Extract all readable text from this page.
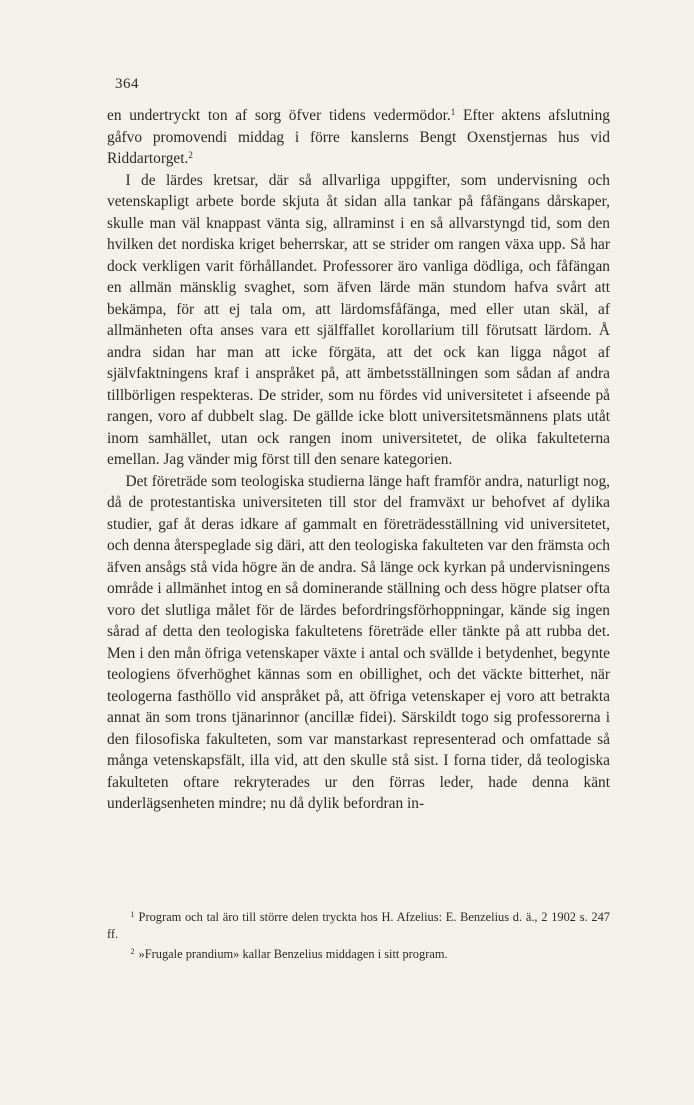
364

en undertryckt ton af sorg öfver tidens vedermödor.$^1$ Efter aktens afslutning gåfvo promovendi middag i förre kanslerns Bengt Oxenstjernas hus vid Riddartorget.$^2$

I de lärdes kretsar, där så allvarliga uppgifter, som undervisning och vetenskapligt arbete borde skjuta åt sidan alla tankar på fåfängans dårskaper, skulle man väl knappast vänta sig, allraminst i en så allvarstyngd tid, som den hvilken det nordiska kriget beherrskar, att se strider om rangen växa upp. Så har dock verkligen varit förhållandet. Professorer äro vanliga dödliga, och fåfängan en allmän mänsklig svaghet, som äfven lärde män stundom hafva svårt att bekämpa, för att ej tala om, att lärdomsfåfänga, med eller utan skäl, af allmänheten ofta anses vara ett själffallet korollarium till förutsatt lärdom. Å andra sidan har man att icke förgäta, att det ock kan ligga något af självfaktningens kraf i anspråket på, att ämbetsställningen som sådan af andra tillbörligen respekteras. De strider, som nu fördes vid universitetet i afseende på rangen, voro af dubbelt slag. De gällde icke blott universitetsmännens plats utåt inom samhället, utan ock rangen inom universitetet, de olika fakulteterna emellan. Jag vänder mig först till den senare kategorien.

Det företräde som teologiska studierna länge haft framför andra, naturligt nog, då de protestantiska universiteten till stor del framväxt ur behofvet af dylika studier, gaf åt deras idkare af gammalt en företrädesställning vid universitetet, och denna återspeglade sig däri, att den teologiska fakulteten var den främsta och äfven ansågs stå vida högre än de andra. Så länge ock kyrkan på undervisningens område i allmänhet intog en så dominerande ställning och dess högre platser ofta voro det slutliga målet för de lärdes befordringsförhoppningar, kände sig ingen sårad af detta den teologiska fakultetens företräde eller tänkte på att rubba det. Men i den mån öfriga vetenskaper växte i antal och svällde i betydenhet, begynte teologiens öfverhöghet kännas som en obillighet, och det väckte bitterhet, när teologerna fasthöllo vid anspråket på, att öfriga vetenskaper ej voro att betrakta annat än som trons tjänarinnor (ancillæ fidei). Särskildt togo sig professorerna i den filosofiska fakulteten, som var manstarkast representerad och omfattade så många vetenskapsfält, illa vid, att den skulle stå sist. I forna tider, då teologiska fakulteten oftare rekryterades ur den förras leder, hade denna känt underlägsenheten mindre; nu då dylik befordran in-

$^1$ Program och tal äro till större delen tryckta hos H. Afzelius: E. Benzelius d. ä., 2 1902 s. 247 ff.

$^2$ »Frugale prandium» kallar Benzelius middagen i sitt program.
